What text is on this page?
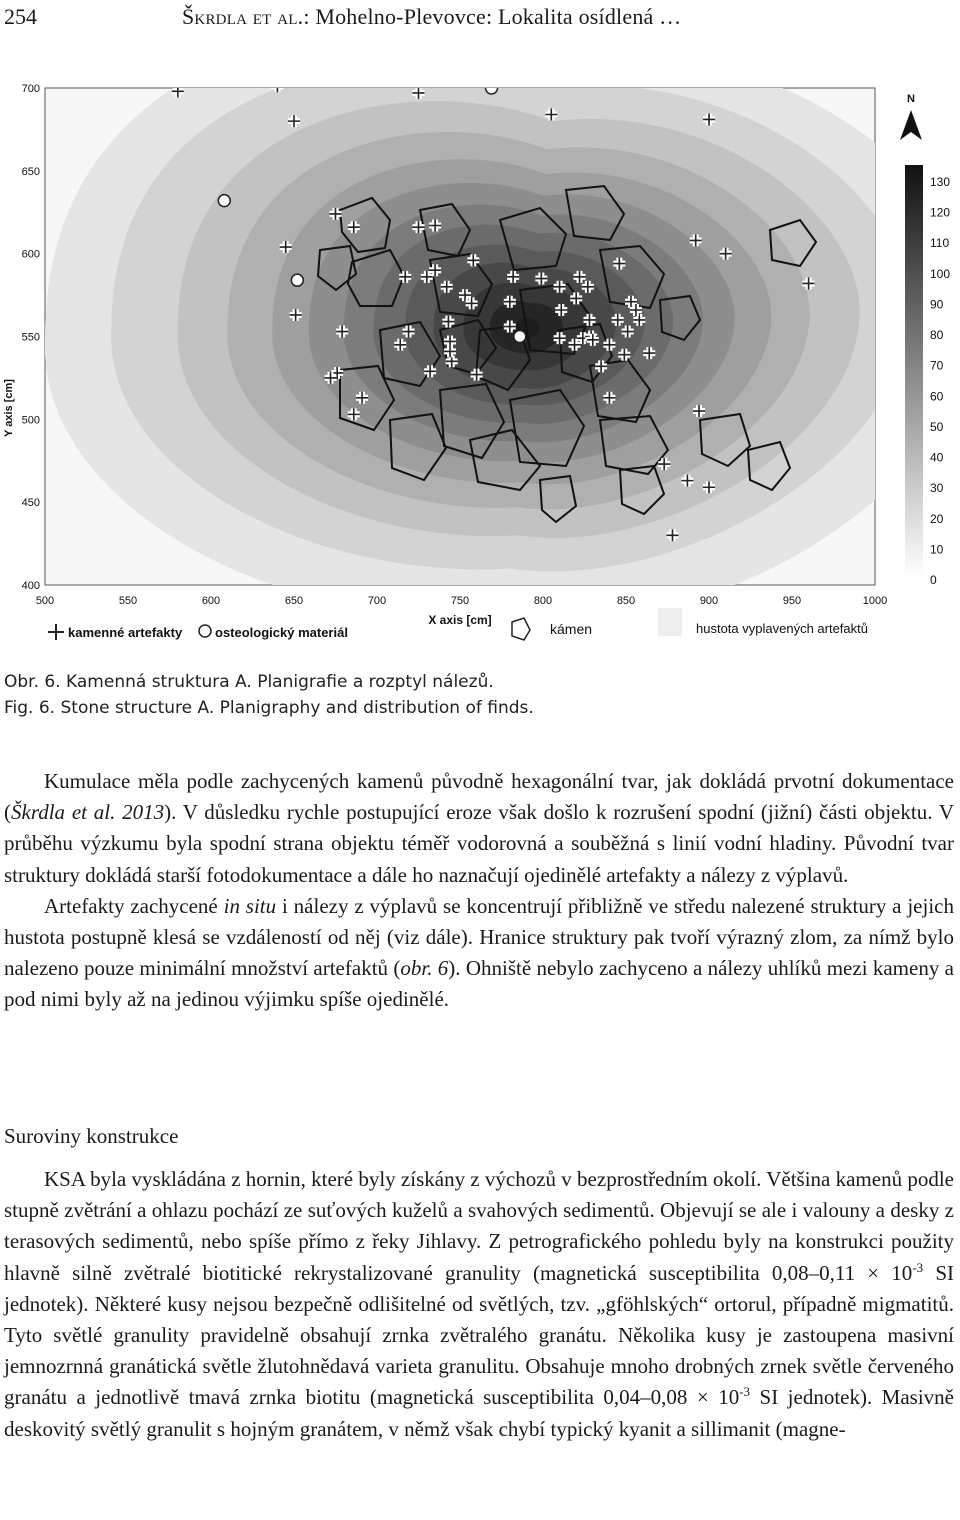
254	Škrdla et al.: Mohelno-Plevovce: Lokalita osídlená …
Y axis [cm]
700
650
600
550
500
450
400
500	550	600	650	700	750	800	850	900	950	1000
X axis [cm]
N
130
120
110
100
90
80
70
60
50
40
30
20
10
0
kamenné artefakty	osteologický materiál	kámen	hustota vyplavených artefaktů
Obr. 6. Kamenná struktura A. Planigrafie a rozptyl nálezů.
Fig. 6. Stone structure A. Planigraphy and distribution of finds.

Kumulace měla podle zachycených kamenů původně hexagonální tvar, jak dokládá prvotní dokumentace (Škrdla et al. 2013). V důsledku rychle postupující eroze však došlo k rozrušení spodní (jižní) části objektu. V průběhu výzkumu byla spodní strana objektu téměř vodorovná a souběžná s linií vodní hladiny. Původní tvar struktury dokládá starší fotodokumentace a dále ho naznačují ojedinělé artefakty a nálezy z výplavů.

Artefakty zachycené in situ i nálezy z výplavů se koncentrují přibližně ve středu nalezené struktury a jejich hustota postupně klesá se vzdáleností od něj (viz dále). Hranice struktury pak tvoří výrazný zlom, za nímž bylo nalezeno pouze minimální množství artefaktů (obr. 6). Ohniště nebylo zachyceno a nálezy uhlíků mezi kameny a pod nimi byly až na jedinou výjimku spíše ojedinělé.

Suroviny konstrukce

KSA byla vyskládána z hornin, které byly získány z výchozů v bezprostředním okolí. Většina kamenů podle stupně zvětrání a ohlazu pochází ze suťových kuželů a svahových sedimentů. Objevují se ale i valouny a desky z terasových sedimentů, nebo spíše přímo z řeky Jihlavy. Z petrografického pohledu byly na konstrukci použity hlavně silně zvětralé biotitické rekrystalizované granulity (magnetická susceptibilita $0,08-0,11 \times 10^{-3}$ SI jednotek). Některé kusy nejsou bezpečně odlišitelné od světlých, tzv. „gföhlských“ ortorul, případně migmatitů. Tyto světlé granulity pravidelně obsahují zrnka zvětralého granátu. Několika kusy je zastoupena masivní jemnozrnná granátická světle žlutohnědavá varieta granulitu. Obsahuje mnoho drobných zrnek světle červeného granátu a jednotlivě tmavá zrnka biotitu (magnetická susceptibilita $0,04-0,08 \times 10^{-3}$ SI jednotek). Masivně deskovitý světlý granulit s hojným granátem, v němž však chybí typický kyanit a sillimanit (magne-
